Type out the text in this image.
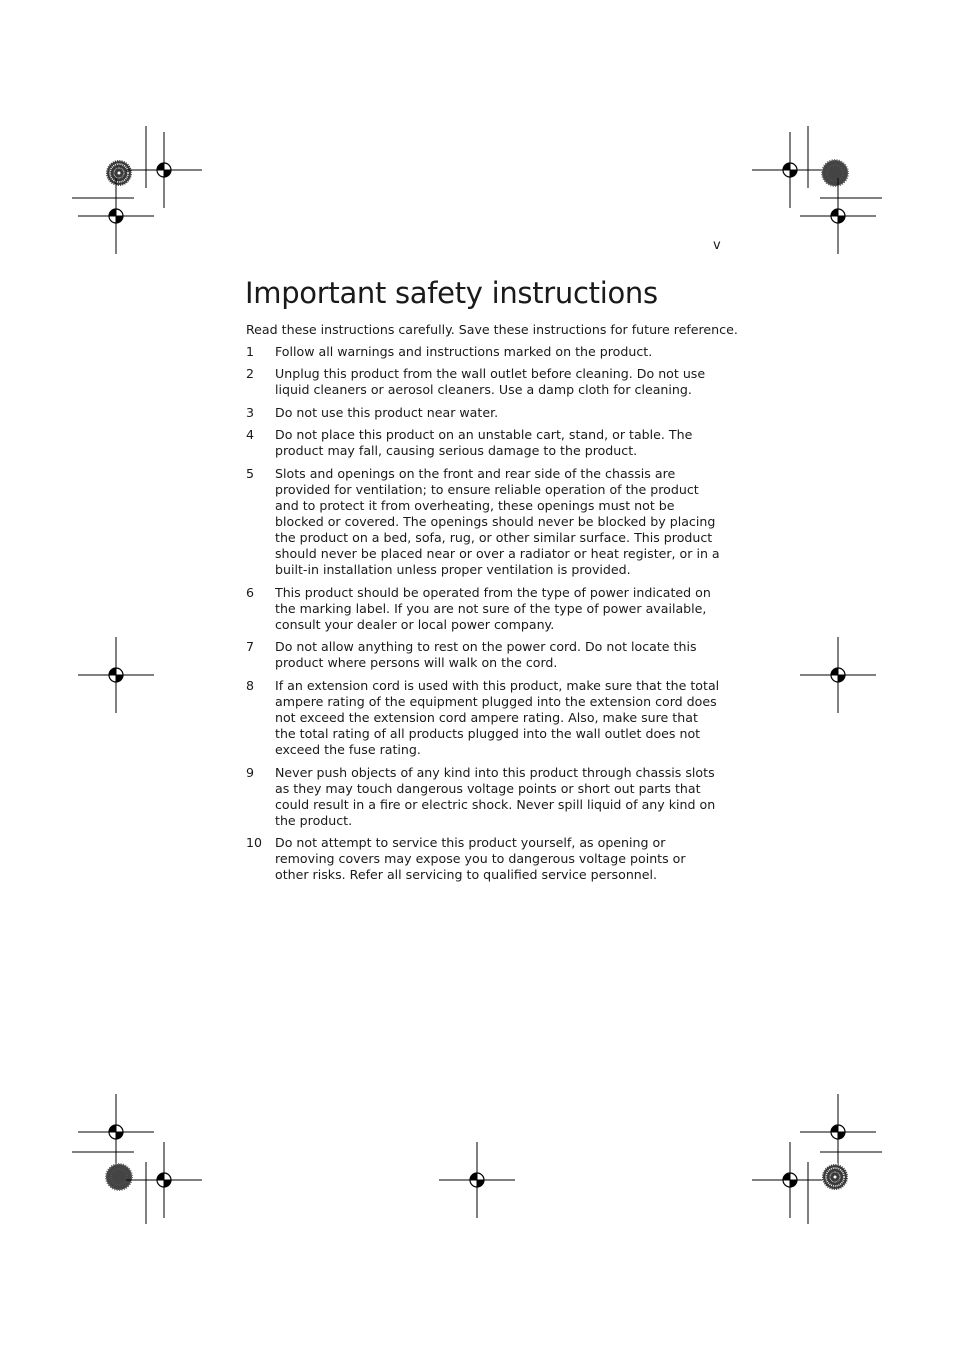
v
Important safety instructions

Read these instructions carefully. Save these instructions for future reference.

1	Follow all warnings and instructions marked on the product.
2	Unplug this product from the wall outlet before cleaning. Do not use liquid cleaners or aerosol cleaners. Use a damp cloth for cleaning.
3	Do not use this product near water.
4	Do not place this product on an unstable cart, stand, or table. The product may fall, causing serious damage to the product.
5	Slots and openings on the front and rear side of the chassis are provided for ventilation; to ensure reliable operation of the product and to protect it from overheating, these openings must not be blocked or covered. The openings should never be blocked by placing the product on a bed, sofa, rug, or other similar surface. This product should never be placed near or over a radiator or heat register, or in a built-in installation unless proper ventilation is provided.
6	This product should be operated from the type of power indicated on the marking label. If you are not sure of the type of power available, consult your dealer or local power company.
7	Do not allow anything to rest on the power cord. Do not locate this product where persons will walk on the cord.
8	If an extension cord is used with this product, make sure that the total ampere rating of the equipment plugged into the extension cord does not exceed the extension cord ampere rating. Also, make sure that the total rating of all products plugged into the wall outlet does not exceed the fuse rating.
9	Never push objects of any kind into this product through chassis slots as they may touch dangerous voltage points or short out parts that could result in a fire or electric shock. Never spill liquid of any kind on the product.
10	Do not attempt to service this product yourself, as opening or removing covers may expose you to dangerous voltage points or other risks. Refer all servicing to qualified service personnel.
